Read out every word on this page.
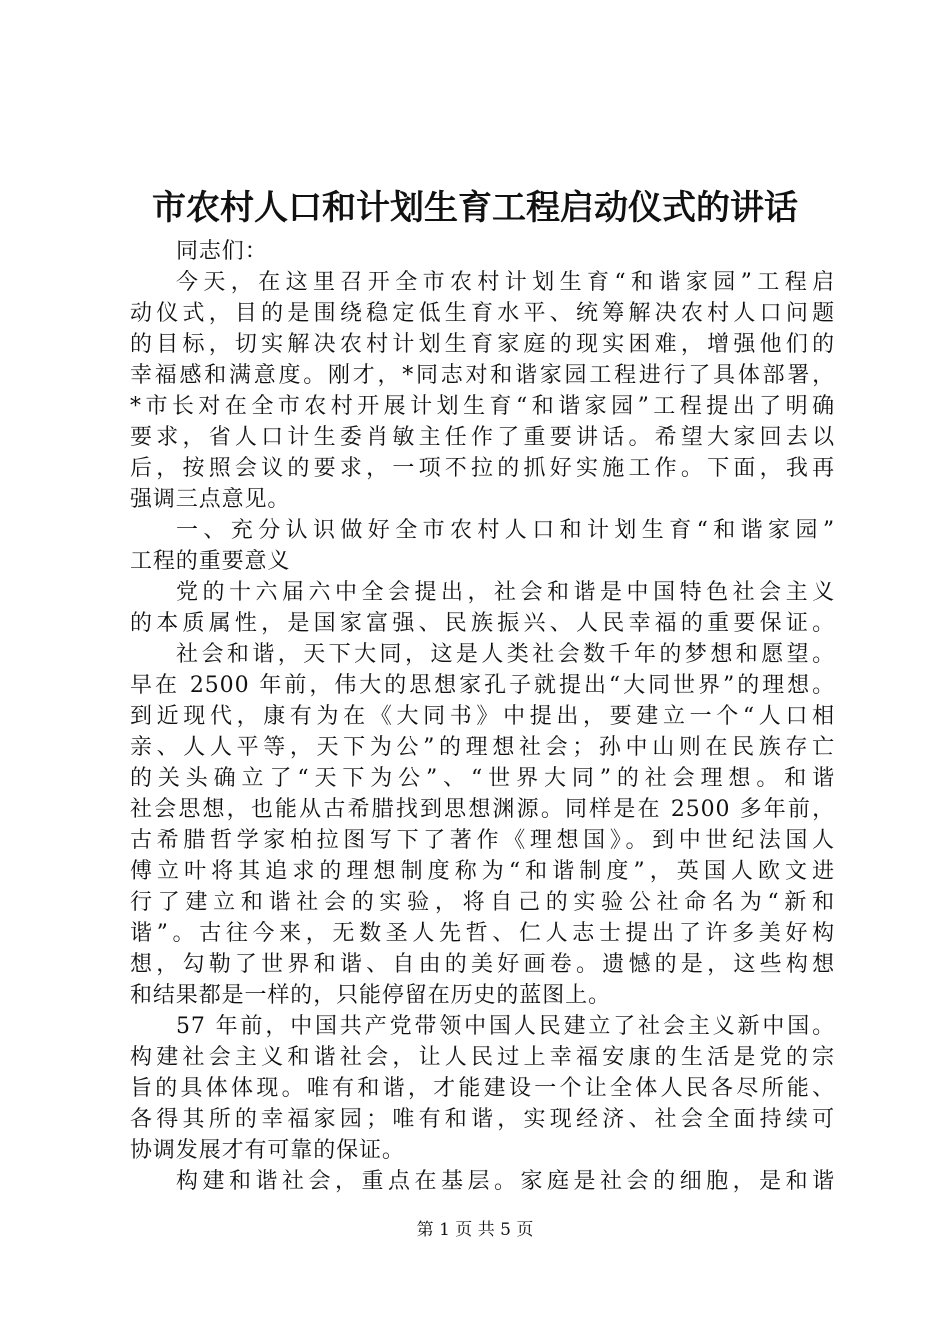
市农村人口和计划生育工程启动仪式的讲话
同志们：
今天，在这里召开全市农村计划生育“和谐家园”工程启
动仪式，目的是围绕稳定低生育水平、统筹解决农村人口问题
的目标，切实解决农村计划生育家庭的现实困难，增强他们的
幸福感和满意度。刚才，*同志对和谐家园工程进行了具体部署，
*市长对在全市农村开展计划生育“和谐家园”工程提出了明确
要求，省人口计生委肖敏主任作了重要讲话。希望大家回去以
后，按照会议的要求，一项不拉的抓好实施工作。下面，我再
强调三点意见。
一、充分认识做好全市农村人口和计划生育“和谐家园”
工程的重要意义
党的十六届六中全会提出，社会和谐是中国特色社会主义
的本质属性，是国家富强、民族振兴、人民幸福的重要保证。
社会和谐，天下大同，这是人类社会数千年的梦想和愿望。
早在 2500 年前，伟大的思想家孔子就提出“大同世界”的理想。
到近现代，康有为在《大同书》中提出，要建立一个“人口相
亲、人人平等，天下为公”的理想社会；孙中山则在民族存亡
的关头确立了“天下为公”、“世界大同”的社会理想。和谐
社会思想，也能从古希腊找到思想渊源。同样是在 2500 多年前，
古希腊哲学家柏拉图写下了著作《理想国》。到中世纪法国人
傅立叶将其追求的理想制度称为“和谐制度”，英国人欧文进
行了建立和谐社会的实验，将自己的实验公社命名为“新和
谐”。古往今来，无数圣人先哲、仁人志士提出了许多美好构
想，勾勒了世界和谐、自由的美好画卷。遗憾的是，这些构想
和结果都是一样的，只能停留在历史的蓝图上。
57 年前，中国共产党带领中国人民建立了社会主义新中国。
构建社会主义和谐社会，让人民过上幸福安康的生活是党的宗
旨的具体体现。唯有和谐，才能建设一个让全体人民各尽所能、
各得其所的幸福家园；唯有和谐，实现经济、社会全面持续可
协调发展才有可靠的保证。
构建和谐社会，重点在基层。家庭是社会的细胞，是和谐
第 1 页 共 5 页
